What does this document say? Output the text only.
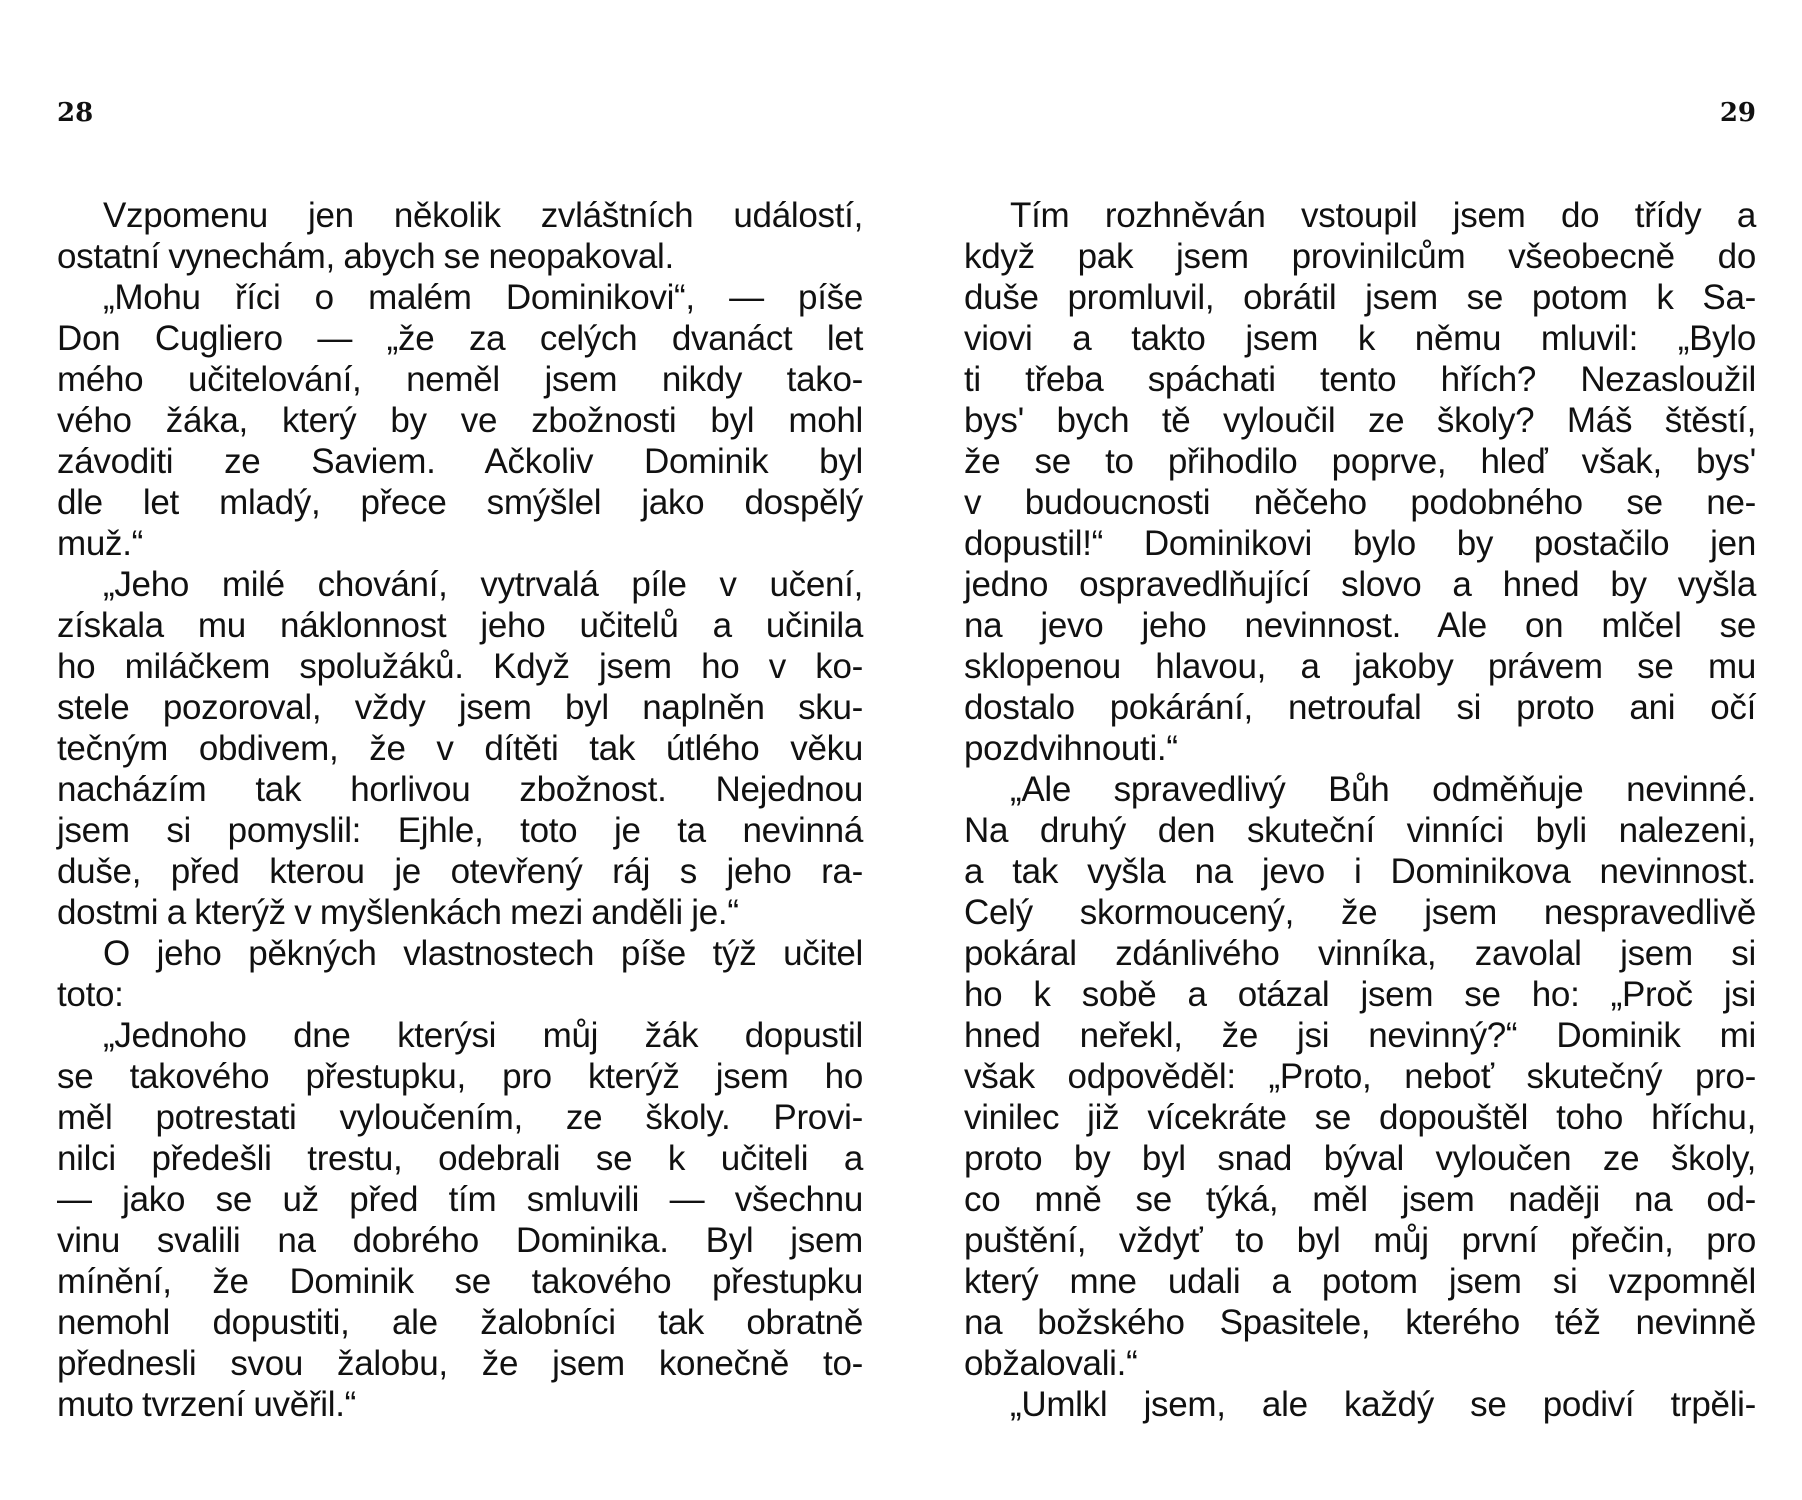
28
Vzpomenu jen několik zvláštních událostí,
ostatní vynechám, abych se neopakoval.
„Mohu říci o malém Dominikovi“, — píše
Don Cugliero — „že za celých dvanáct let
mého učitelování, neměl jsem nikdy tako-
vého žáka, který by ve zbožnosti byl mohl
závoditi ze Saviem. Ačkoliv Dominik byl
dle let mladý, přece smýšlel jako dospělý
muž.“
„Jeho milé chování, vytrvalá píle v učení,
získala mu náklonnost jeho učitelů a učinila
ho miláčkem spolužáků. Když jsem ho v ko-
stele pozoroval, vždy jsem byl naplněn sku-
tečným obdivem, že v dítěti tak útlého věku
nacházím tak horlivou zbožnost. Nejednou
jsem si pomyslil: Ejhle, toto je ta nevinná
duše, před kterou je otevřený ráj s jeho ra-
dostmi a kterýž v myšlenkách mezi anděli je.“
O jeho pěkných vlastnostech píše týž učitel
toto:
„Jednoho dne kterýsi můj žák dopustil
se takového přestupku, pro kterýž jsem ho
měl potrestati vyloučením, ze školy. Provi-
nilci předešli trestu, odebrali se k učiteli a
— jako se už před tím smluvili — všechnu
vinu svalili na dobrého Dominika. Byl jsem
mínění, že Dominik se takového přestupku
nemohl dopustiti, ale žalobníci tak obratně
přednesli svou žalobu, že jsem konečně to-
muto tvrzení uvěřil.“
29
Tím rozhněván vstoupil jsem do třídy a
když pak jsem provinilcům všeobecně do
duše promluvil, obrátil jsem se potom k Sa-
viovi a takto jsem k němu mluvil: „Bylo
ti třeba spáchati tento hřích? Nezasloužil
bys' bych tě vyloučil ze školy? Máš štěstí,
že se to přihodilo poprve, hleď však, bys'
v budoucnosti něčeho podobného se ne-
dopustil!“ Dominikovi bylo by postačilo jen
jedno ospravedlňující slovo a hned by vyšla
na jevo jeho nevinnost. Ale on mlčel se
sklopenou hlavou, a jakoby právem se mu
dostalo pokárání, netroufal si proto ani očí
pozdvihnouti.“
„Ale spravedlivý Bůh odměňuje nevinné.
Na druhý den skuteční vinníci byli nalezeni,
a tak vyšla na jevo i Dominikova nevinnost.
Celý skormoucený, že jsem nespravedlivě
pokáral zdánlivého vinníka, zavolal jsem si
ho k sobě a otázal jsem se ho: „Proč jsi
hned neřekl, že jsi nevinný?“ Dominik mi
však odpověděl: „Proto, neboť skutečný pro-
vinilec již vícekráte se dopouštěl toho hříchu,
proto by byl snad býval vyloučen ze školy,
co mně se týká, měl jsem naději na od-
puštění, vždyť to byl můj první přečin, pro
který mne udali a potom jsem si vzpomněl
na božského Spasitele, kterého též nevinně
obžalovali.“
„Umlkl jsem, ale každý se podiví trpěli-
